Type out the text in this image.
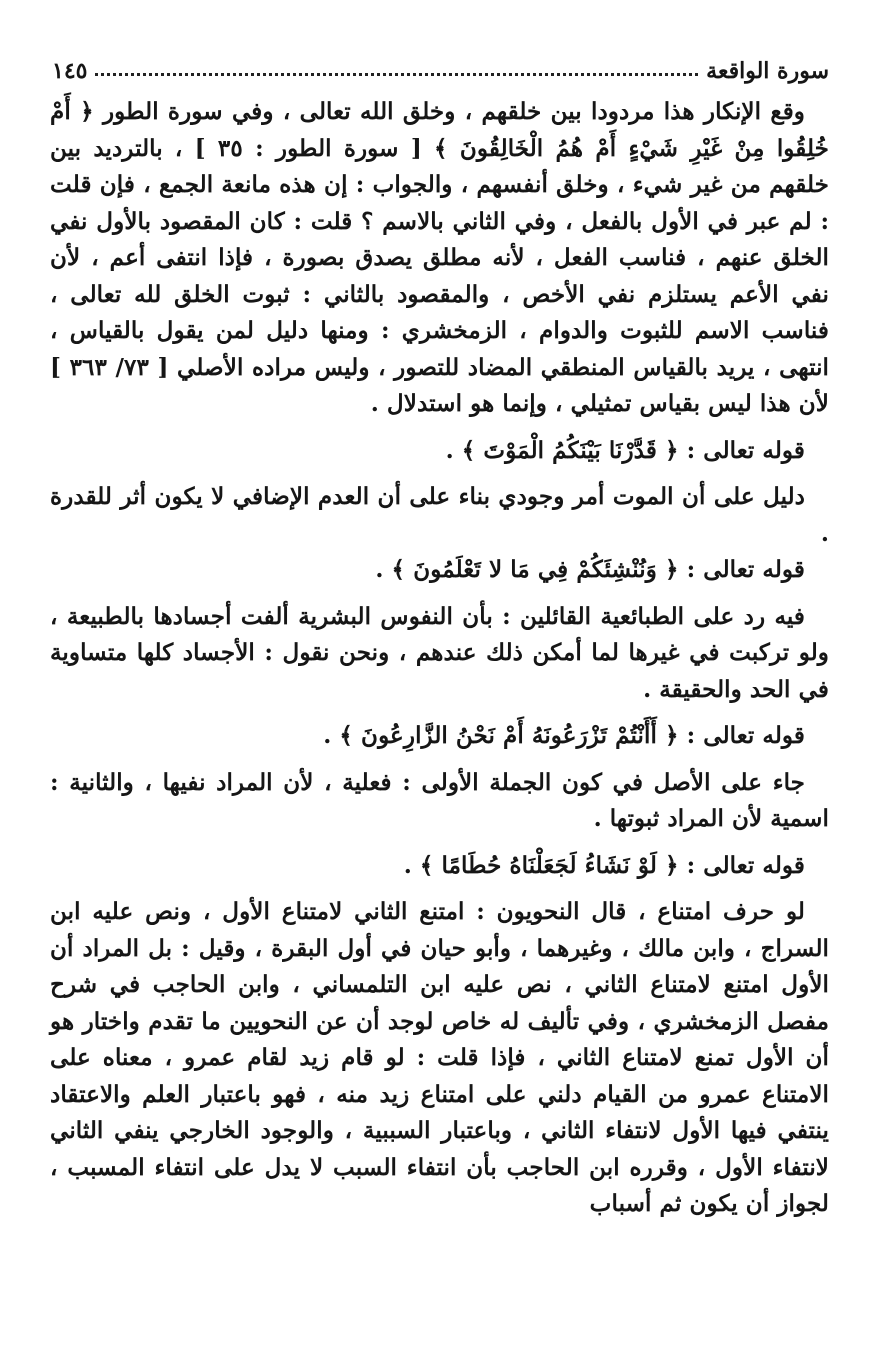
سورة الواقعة
١٤٥

وقع الإنكار هذا مردودا بين خلقهم ، وخلق الله تعالى ، وفي سورة الطور ﴿ أَمْ خُلِقُوا مِنْ غَيْرِ شَيْءٍ أَمْ هُمُ الْخَالِقُونَ ﴾ [ سورة الطور : ٣٥ ] ، بالترديد بين خلقهم من غير شيء ، وخلق أنفسهم ، والجواب : إن هذه مانعة الجمع ، فإن قلت : لم عبر في الأول بالفعل ، وفي الثاني بالاسم ؟ قلت : كان المقصود بالأول نفي الخلق عنهم ، فناسب الفعل ، لأنه مطلق يصدق بصورة ، فإذا انتفى أعم ، لأن نفي الأعم يستلزم نفي الأخص ، والمقصود بالثاني : ثبوت الخلق لله تعالى ، فناسب الاسم للثبوت والدوام ، الزمخشري : ومنها دليل لمن يقول بالقياس ، انتهى ، يريد بالقياس المنطقي المضاد للتصور ، وليس مراده الأصلي [ ٧٣/ ٣٦٣ ] لأن هذا ليس بقياس تمثيلي ، وإنما هو استدلال .

قوله تعالى : ﴿ قَدَّرْنَا بَيْنَكُمُ الْمَوْتَ ﴾ .

دليل على أن الموت أمر وجودي بناء على أن العدم الإضافي لا يكون أثر للقدرة .

قوله تعالى : ﴿ وَنُنْشِئَكُمْ فِي مَا لا تَعْلَمُونَ ﴾ .

فيه رد على الطبائعية القائلين : بأن النفوس البشرية ألفت أجسادها بالطبيعة ، ولو تركبت في غيرها لما أمكن ذلك عندهم ، ونحن نقول : الأجساد كلها متساوية في الحد والحقيقة .

قوله تعالى : ﴿ أَأَنْتُمْ تَزْرَعُونَهُ أَمْ نَحْنُ الزَّارِعُونَ ﴾ .

جاء على الأصل في كون الجملة الأولى : فعلية ، لأن المراد نفيها ، والثانية : اسمية لأن المراد ثبوتها .

قوله تعالى : ﴿ لَوْ نَشَاءُ لَجَعَلْنَاهُ حُطَامًا ﴾ .

لو حرف امتناع ، قال النحويون : امتنع الثاني لامتناع الأول ، ونص عليه ابن السراج ، وابن مالك ، وغيرهما ، وأبو حيان في أول البقرة ، وقيل : بل المراد أن الأول امتنع لامتناع الثاني ، نص عليه ابن التلمساني ، وابن الحاجب في شرح مفصل الزمخشري ، وفي تأليف له خاص لوجد أن عن النحويين ما تقدم واختار هو أن الأول تمنع لامتناع الثاني ، فإذا قلت : لو قام زيد لقام عمرو ، معناه على الامتناع عمرو من القيام دلني على امتناع زيد منه ، فهو باعتبار العلم والاعتقاد ينتفي فيها الأول لانتفاء الثاني ، وباعتبار السببية ، والوجود الخارجي ينفي الثاني لانتفاء الأول ، وقرره ابن الحاجب بأن انتفاء السبب لا يدل على انتفاء المسبب ، لجواز أن يكون ثم أسباب
